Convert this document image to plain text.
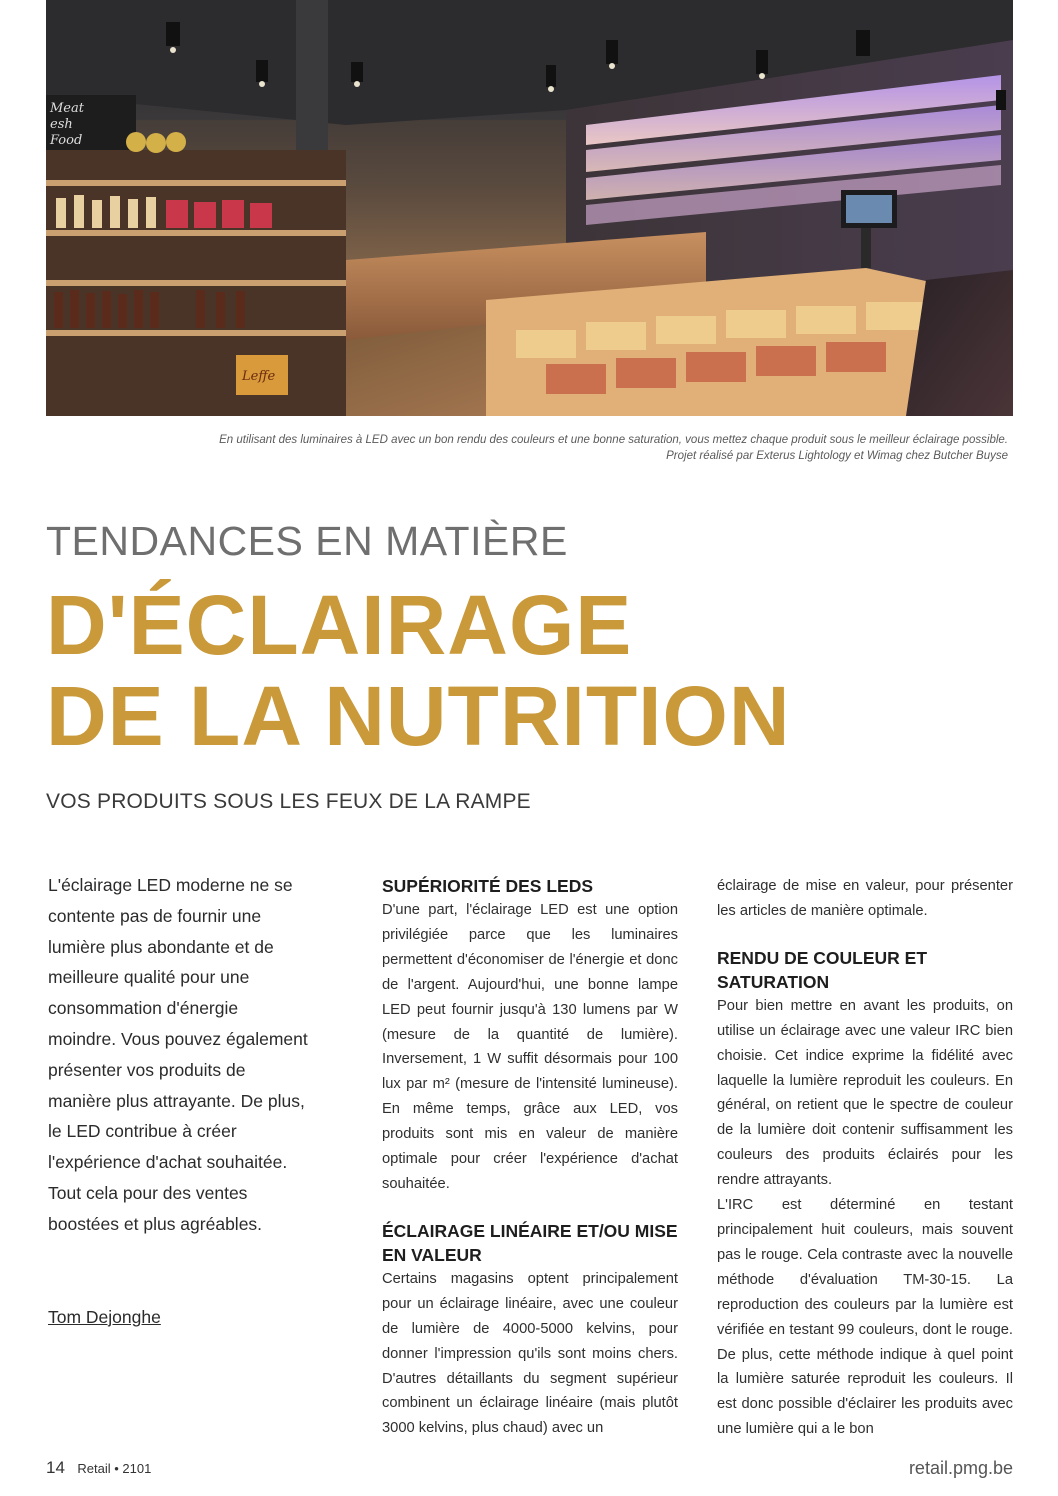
Meat
esh
Food
Leffe
En utilisant des luminaires à LED avec un bon rendu des couleurs et une bonne saturation, vous mettez chaque produit sous le meilleur éclairage possible.
Projet réalisé par Exterus Lightology et Wimag chez Butcher Buyse
TENDANCES EN MATIÈRE
D'ÉCLAIRAGE
DE LA NUTRITION
VOS PRODUITS SOUS LES FEUX DE LA RAMPE
L'éclairage LED moderne ne se contente pas de fournir une lumière plus abondante et de meilleure qualité pour une consommation d'énergie moindre. Vous pouvez également présenter vos produits de manière plus attrayante. De plus, le LED contribue à créer l'expérience d'achat souhaitée. Tout cela pour des ventes boostées et plus agréables.
Tom Dejonghe
SUPÉRIORITÉ DES LEDS

D'une part, l'éclairage LED est une option privilégiée parce que les luminaires permettent d'économiser de l'énergie et donc de l'argent. Aujourd'hui, une bonne lampe LED peut fournir jusqu'à 130 lumens par W (mesure de la quantité de lumière). Inversement, 1 W suffit désormais pour 100 lux par m² (mesure de l'intensité lumineuse). En même temps, grâce aux LED, vos produits sont mis en valeur de manière optimale pour créer l'expérience d'achat souhaitée.

ÉCLAIRAGE LINÉAIRE ET/OU MISE EN VALEUR

Certains magasins optent principalement pour un éclairage linéaire, avec une couleur de lumière de 4000-5000 kelvins, pour donner l'impression qu'ils sont moins chers. D'autres détaillants du segment supérieur combinent un éclairage linéaire (mais plutôt 3000 kelvins, plus chaud) avec un

éclairage de mise en valeur, pour présenter les articles de manière optimale.

RENDU DE COULEUR ET SATURATION

Pour bien mettre en avant les produits, on utilise un éclairage avec une valeur IRC bien choisie. Cet indice exprime la fidélité avec laquelle la lumière reproduit les couleurs. En général, on retient que le spectre de couleur de la lumière doit contenir suffisamment les couleurs des produits éclairés pour les rendre attrayants.

L'IRC est déterminé en testant principalement huit couleurs, mais souvent pas le rouge. Cela contraste avec la nouvelle méthode d'évaluation TM-30-15. La reproduction des couleurs par la lumière est vérifiée en testant 99 couleurs, dont le rouge. De plus, cette méthode indique à quel point la lumière saturée reproduit les couleurs. Il est donc possible d'éclairer les produits avec une lumière qui a le bon

14 Retail • 2101	retail.pmg.be
